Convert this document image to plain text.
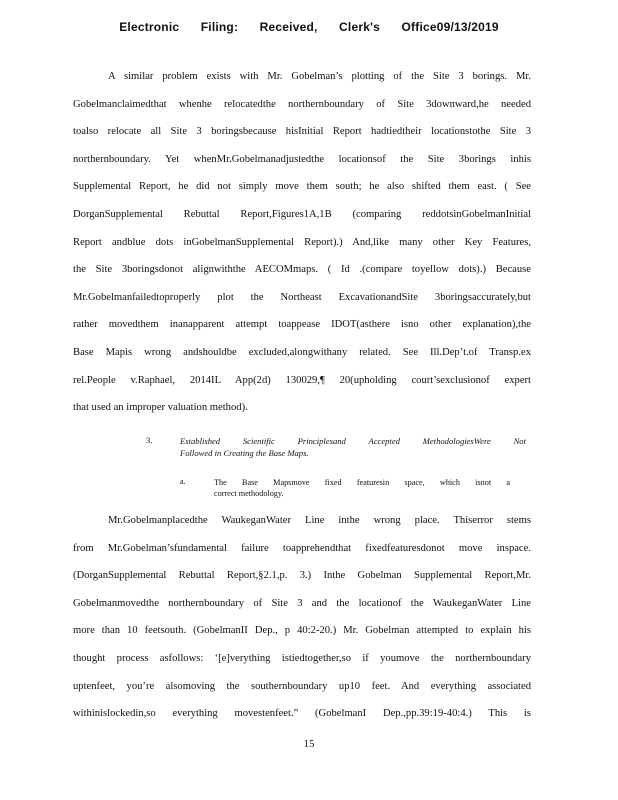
Electronic Filing: Received, Clerk's Office09/13/2019
A similar problem exists with Mr. Gobelman’s plotting of the Site 3 borings. Mr.
Gobelmanclaimedthat whenhe relocatedthe northernboundary of Site 3downward,he needed
toalso relocate all Site 3 boringsbecause hisInitial Report hadtiedtheir locationstothe Site 3
northernboundary. Yet whenMr.Gobelmanadjustedthe locationsof the Site 3borings inhis
Supplemental Report, he did not simply move them south; he also shifted them east. ( See
DorganSupplemental Rebuttal Report,Figures1A,1B (comparing reddotsinGobelmanInitial
Report andblue dots inGobelmanSupplemental Report).) And,like many other Key Features,
the Site 3boringsdonot alignwiththe AECOMmaps. ( Id .(compare toyellow dots).) Because
Mr.Gobelmanfailedtoproperly plot the Northeast ExcavationandSite 3boringsaccurately,but
rather movedthem inanapparent attempt toappease IDOT(asthere isno other explanation),the
Base Mapis wrong andshouldbe excluded,alongwithany related. See Ill.Dep’t.of Transp.ex
rel.People v.Raphael, 2014IL App(2d) 130029,¶ 20(upholding court’sexclusionof expert
that used an improper valuation method).
3.	Established Scientific Principlesand Accepted MethodologiesWere Not
Followed in Creating the Base Maps.
a.	The Base Mapsmove fixed featuresin space, which isnot a
correct methodology.
Mr.Gobelmanplacedthe WaukeganWater Line inthe wrong place. Thiserror stems
from Mr.Gobelman’sfundamental failure toapprehendthat fixedfeaturesdonot move inspace.
(DorganSupplemental Rebuttal Report,§2.1,p. 3.) Inthe Gobelman Supplemental Report,Mr.
Gobelmanmovedthe northernboundary of Site 3 and the locationof the WaukeganWater Line
more than 10 feetsouth. (GobelmanII Dep., p 40:2-20.) Mr. Gobelman attempted to explain his
thought process asfollows: ‘[e]verything istiedtogether,so if youmove the northernboundary
uptenfeet, you’re alsomoving the southernboundary up10 feet. And everything associated
withinislockedin,so everything movestenfeet.” (GobelmanI Dep.,pp.39:19-40:4.) This is
15
